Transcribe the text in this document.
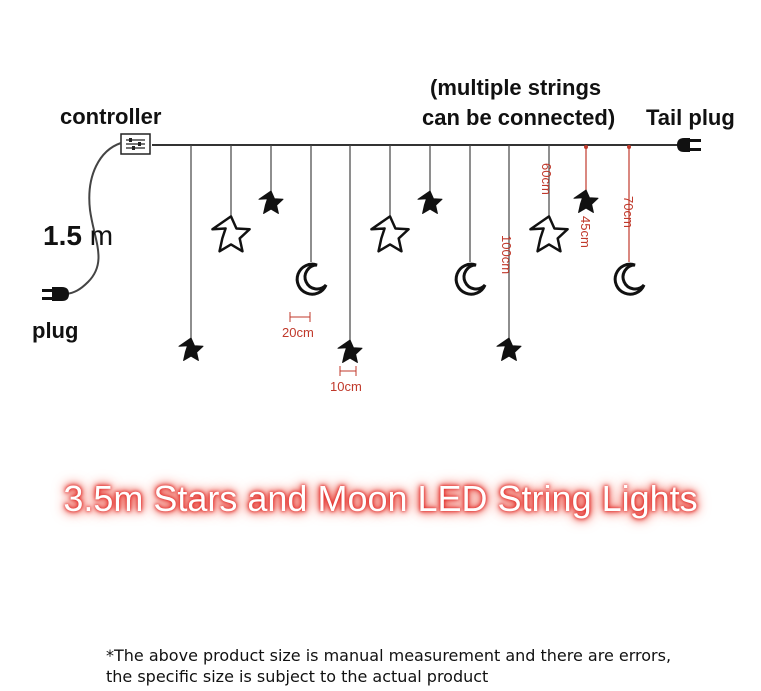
20cm
10cm
60cm
100cm
45cm
70cm
controller
(multiple strings
can be connected) Tail plug
1.5 m
plug
3.5m Stars and Moon LED String Lights
*The above product size is manual measurement and there are errors,
the specific size is subject to the actual product
